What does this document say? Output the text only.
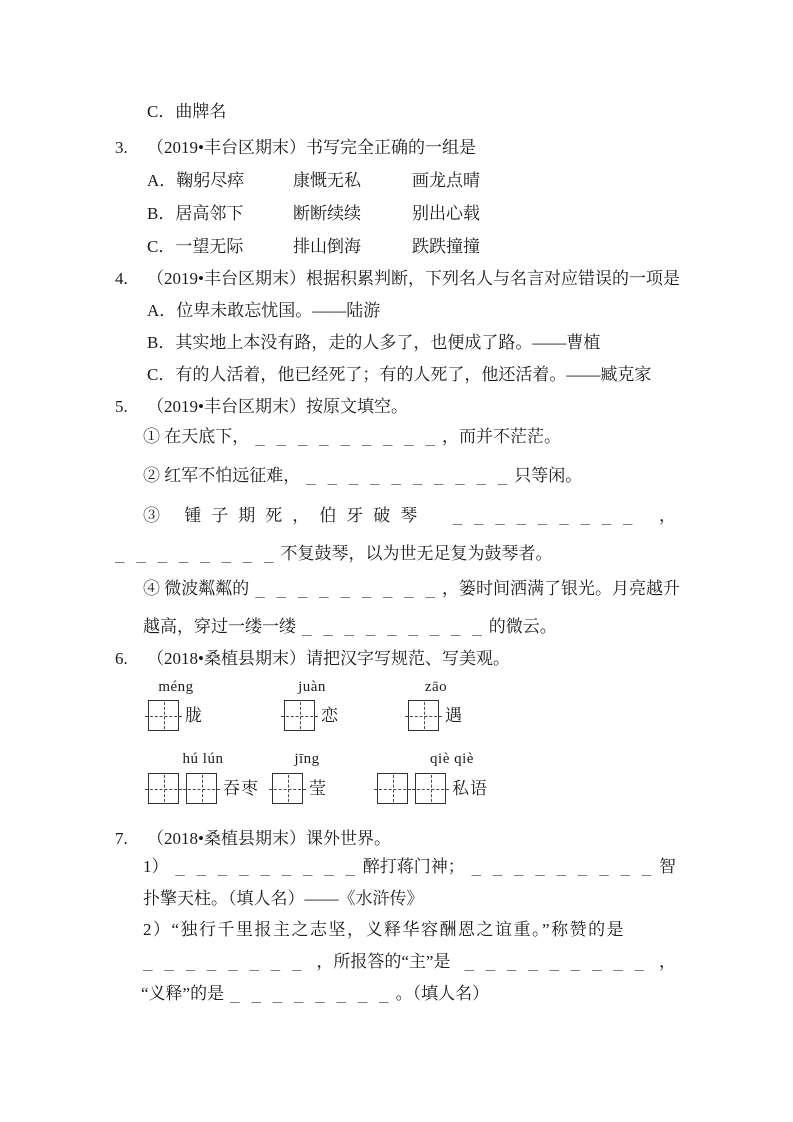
C．曲牌名
3. （2019•丰台区期末）书写完全正确的一组是
A．鞠躬尽瘁	康慨无私	画龙点晴
B．居高邻下	断断续续	别出心载
C．一望无际	排山倒海	跌跌撞撞
4. （2019•丰台区期末）根据积累判断，下列名人与名言对应错误的一项是
A．位卑未敢忘忧国。——陆游
B．其实地上本没有路，走的人多了，也便成了路。——曹植
C．有的人活着，他已经死了；有的人死了，他还活着。——臧克家
5. （2019•丰台区期末）按原文填空。
① 在天底下， _ _ _ _ _ _ _ _ _ ，而并不茫茫。
② 红军不怕远征难， _ _ _ _ _ _ _ _ _ _ 只等闲。
③ 锺子期死，伯牙破琴 _ _ _ _ _ _ _ _ _ ，
_ _ _ _ _ _ _ _ 不复鼓琴，以为世无足复为鼓琴者。
④ 微波粼粼的 _ _ _ _ _ _ _ _ _ ，篓时间洒满了银光。月亮越升
越高，穿过一缕一缕 _ _ _ _ _ _ _ _ _ 的微云。
6. （2018•桑植县期末）请把汉字写规范、写美观。
méng	juàn	zāo
胧	恋	遇
hú lún	jīng	qiè qiè
吞枣	莹	私语
7. （2018•桑植县期末）课外世界。
1） _ _ _ _ _ _ _ _ _ 醉打蒋门神； _ _ _ _ _ _ _ _ _ 智
扑擎天柱。（填人名）——《水浒传》
2）“独行千里报主之志坚，义释华容酬恩之谊重。”称赞的是
_ _ _ _ _ _ _ _ ，所报答的“主”是 _ _ _ _ _ _ _ _ _ ，
“义释”的是 _ _ _ _ _ _ _ _ 。（填人名）
